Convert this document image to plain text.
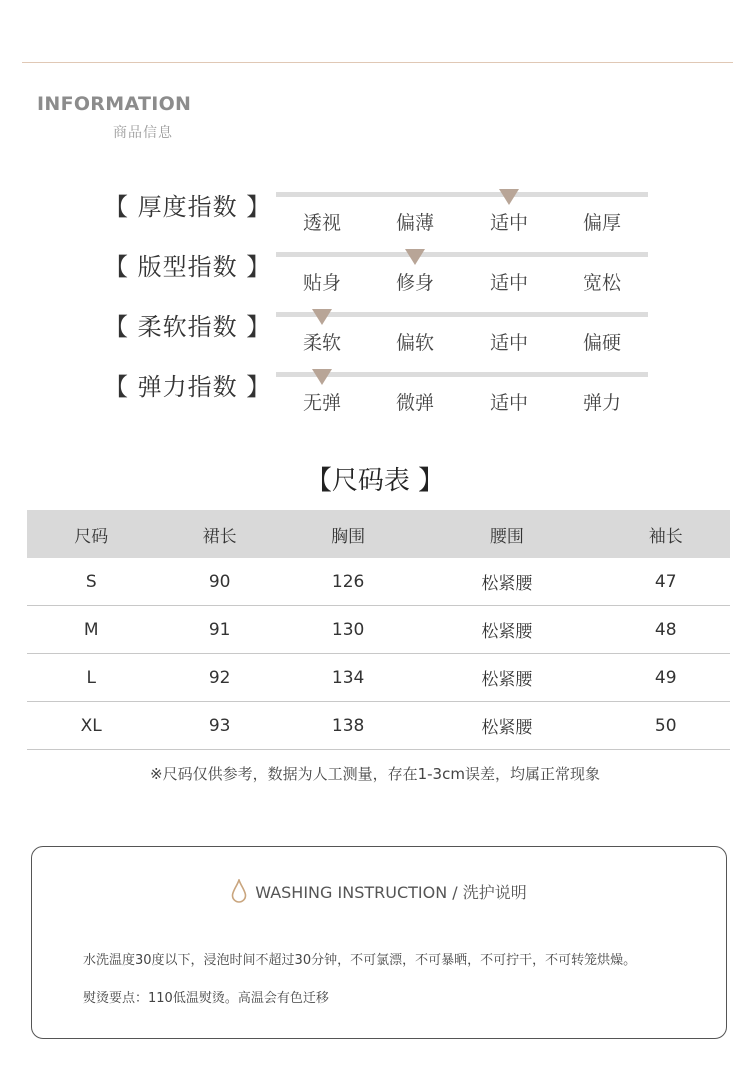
INFORMATION
商品信息
【 厚度指数 】
透视	偏薄	适中	偏厚
【 版型指数 】
贴身	修身	适中	宽松
【 柔软指数 】
柔软	偏软	适中	偏硬
【 弹力指数 】
无弹	微弹	适中	弹力
【尺码表 】
尺码	裙长	胸围	腰围	袖长
S	90	126	松紧腰	47
M	91	130	松紧腰	48
L	92	134	松紧腰	49
XL	93	138	松紧腰	50
※尺码仅供参考，数据为人工测量，存在1-3cm误差，均属正常现象
WASHING INSTRUCTION / 洗护说明
水洗温度30度以下，浸泡时间不超过30分钟，不可氯漂，不可暴晒，不可拧干，不可转笼烘燥。
熨烫要点：110低温熨烫。高温会有色迁移
